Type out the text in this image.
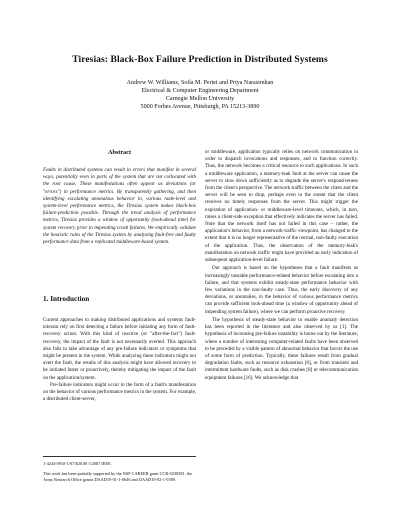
Tiresias: Black-Box Failure Prediction in Distributed Systems
Andrew W. Williams, Soila M. Pertet and Priya Narasimhan
Electrical & Computer Engineering Department
Carnegie Mellon University
5000 Forbes Avenue, Pittsburgh, PA 15213-3890
Abstract

Faults in distributed systems can result in errors that manifest in several ways, potentially even in parts of the system that are not collocated with the root cause. These manifestations often appear as deviations (or "errors") in performance metrics. By transparently gathering, and then identifying escalating anomalous behavior in, various node-level and system-level performance metrics, the Tiresias system makes black-box failure-prediction possible. Through the trend analysis of performance metrics, Tiresias provides a window of opportunity (look-ahead time) for system recovery prior to impending crash failures. We empirically validate the heuristic rules of the Tiresias system by analyzing fault-free and faulty performance data from a replicated middleware-based system.

1. Introduction

Current approaches to making distributed applications and systems fault-tolerant rely on first detecting a failure before initiating any form of fault-recovery action. With this kind of reactive (or "after-the-fact") fault-recovery, the impact of the fault is not necessarily averted. This approach also fails to take advantage of any pre-failure indicators or symptoms that might be present in the system. While analyzing these indicators might not avert the fault, the results of this analysis might have allowed recovery to be initiated faster or proactively, thereby mitigating the impact of the fault on the application/system.

Pre-failure indicators might occur in the form of a fault's manifestation on the behavior of various performance metrics in the system. For example, a distributed client-server,

1-4244-0910-1/07/$20.00 ©2007 IEEE.

This work has been partially supported by the NSF CAREER grant CCR-0238381, the Army Research Office grants DAAD19-01-1-0646 and DAAD19-02-1-0389.

or middleware, application typically relies on network communication in order to dispatch invocations and responses, and to function correctly. Thus, the network becomes a critical resource to such applications. In such a middleware application, a memory-leak fault at the server can cause the server to slow down sufficiently as to degrade the server's responsiveness from the client's perspective. The network traffic between the client and the server will be seen to drop, perhaps even to the extent that the client receives no timely responses from the server. This might trigger the expiration of application- or middleware-level timeouts, which, in turn, raises a client-side exception that effectively indicates the server has failed. Note that the network itself has not failed in this case – rather, the application's behavior, from a network-traffic viewpoint, has changed to the extent that it is no longer representative of the normal, non-faulty execution of the application. Thus, the observation of the memory-leak's manifestation on network traffic might have provided an early indication of subsequent application-level failure.

Our approach is based on the hypotheses that a fault manifests as increasingly unstable performance-related behavior before escalating into a failure, and that systems exhibit steady-state performance behavior with few variations in the non-faulty case. Thus, the early discovery of any deviations, or anomalies, in the behavior of various performance metrics can provide sufficient look-ahead time (a window of opportunity ahead of impending system failure), where we can perform proactive recovery.

The hypothesis of steady-state behavior to enable anomaly detection has been reported in the literature and also observed by us [1]. The hypothesis of increasing pre-failure instability is borne out by the literature, where a number of interesting computer-related faults have been observed to be preceded by a visible pattern of abnormal behavior that favors the use of some form of prediction. Typically, these failures result from gradual degradation faults, such as resource exhaustion [6], or from transient and intermittent hardware faults, such as disk crashes [8] or telecommunication equipment failures [16]. We acknowledge that
